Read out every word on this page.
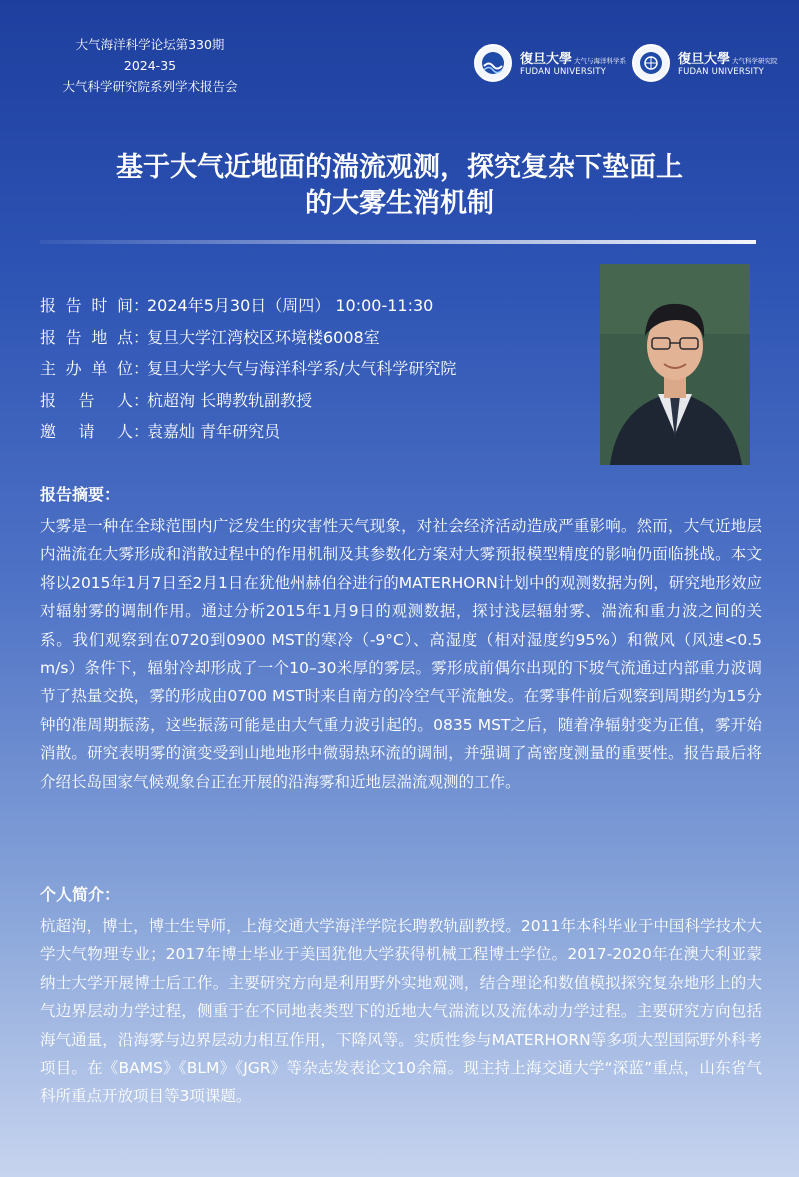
大气海洋科学论坛第330期
2024-35
大气科学研究院系列学术报告会
復旦大學 大气与海洋科学系
FUDAN UNIVERSITY
復旦大學 大气科学研究院
FUDAN UNIVERSITY
基于大气近地面的湍流观测，探究复杂下垫面上
的大雾生消机制
报告时间 ：
2024年5月30日（周四） 10:00-11:30
报告地点 ：
复旦大学江湾校区环境楼6008室
主办单位 ：
复旦大学大气与海洋科学系/大气科学研究院
报告人 ：
杭超洵 长聘教轨副教授
邀请人 ：
袁嘉灿 青年研究员
报告摘要：
大雾是一种在全球范围内广泛发生的灾害性天气现象，对社会经济活动造成严重影响。然而，大气近地层内湍流在大雾形成和消散过程中的作用机制及其参数化方案对大雾预报模型精度的影响仍面临挑战。本文将以2015年1月7日至2月1日在犹他州赫伯谷进行的MATERHORN计划中的观测数据为例，研究地形效应对辐射雾的调制作用。通过分析2015年1月9日的观测数据，探讨浅层辐射雾、湍流和重力波之间的关系。我们观察到在0720到0900 MST的寒冷（-9°C）、高湿度（相对湿度约95%）和微风（风速<0.5 m/s）条件下，辐射冷却形成了一个10–30米厚的雾层。雾形成前偶尔出现的下坡气流通过内部重力波调节了热量交换，雾的形成由0700 MST时来自南方的冷空气平流触发。在雾事件前后观察到周期约为15分钟的准周期振荡，这些振荡可能是由大气重力波引起的。0835 MST之后，随着净辐射变为正值，雾开始消散。研究表明雾的演变受到山地地形中微弱热环流的调制，并强调了高密度测量的重要性。报告最后将介绍长岛国家气候观象台正在开展的沿海雾和近地层湍流观测的工作。
个人简介：
杭超洵，博士，博士生导师，上海交通大学海洋学院长聘教轨副教授。2011年本科毕业于中国科学技术大学大气物理专业；2017年博士毕业于美国犹他大学获得机械工程博士学位。2017-2020年在澳大利亚蒙纳士大学开展博士后工作。主要研究方向是利用野外实地观测，结合理论和数值模拟探究复杂地形上的大气边界层动力学过程，侧重于在不同地表类型下的近地大气湍流以及流体动力学过程。主要研究方向包括海气通量，沿海雾与边界层动力相互作用，下降风等。实质性参与MATERHORN等多项大型国际野外科考项目。在《BAMS》《BLM》《JGR》等杂志发表论文10余篇。现主持上海交通大学“深蓝”重点，山东省气科所重点开放项目等3项课题。
